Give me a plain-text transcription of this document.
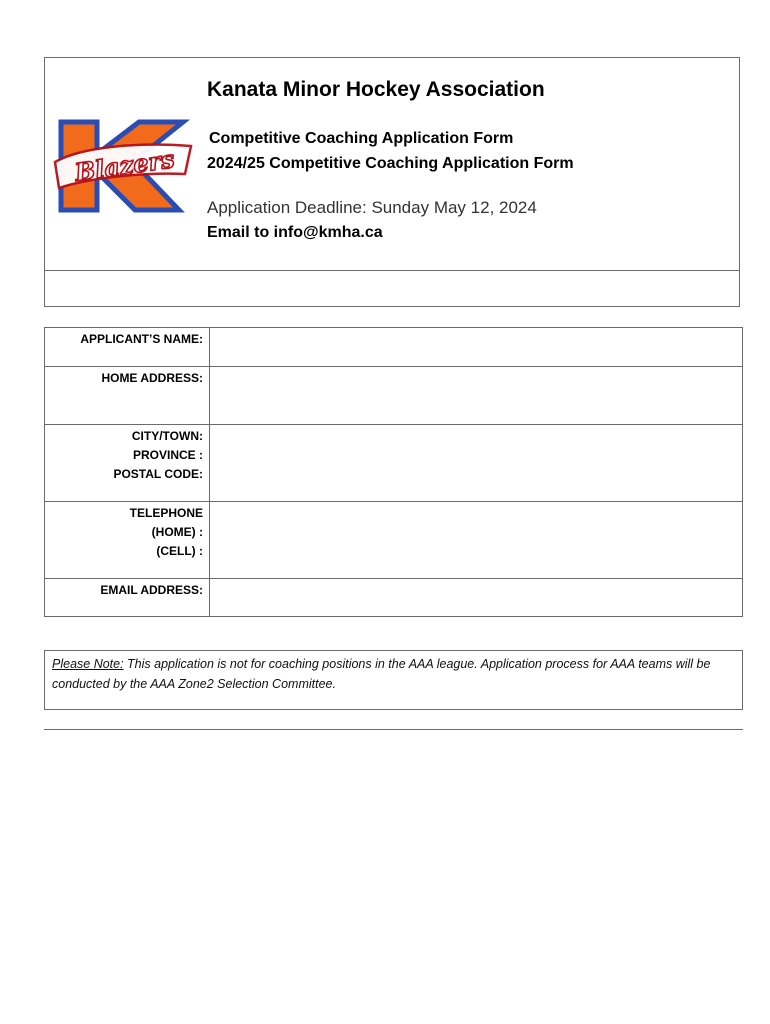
Blazers
Kanata Minor Hockey Association
Competitive Coaching Application Form
2024/25 Competitive Coaching Application Form
Application Deadline: Sunday May 12, 2024
Email to info@kmha.ca
APPLICANT’S NAME:	

HOME ADDRESS:	

CITY/TOWN:
PROVINCE :
POSTAL CODE:	

TELEPHONE
(HOME) :
(CELL) :	

EMAIL ADDRESS:	

Please Note: This application is not for coaching positions in the AAA league. Application process for AAA teams will be conducted by the AAA Zone2 Selection Committee.
